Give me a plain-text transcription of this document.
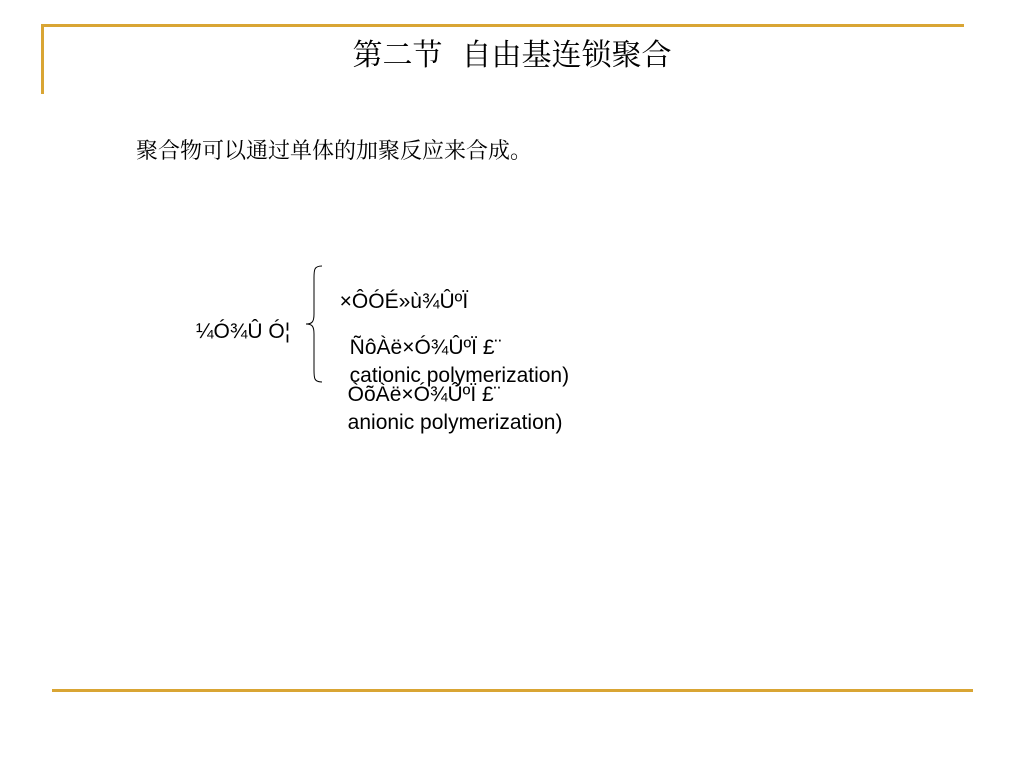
第二节  自由基连锁聚合
聚合物可以通过单体的加聚反应来合成。
¼Ó¾Û Ó¦

×ÔÓÉ»ù¾ÛºÏ

ÑôÀë×Ó¾ÛºÏ £¨
cationic polymerization)

ÒõÀë×Ó¾ÛºÏ £¨
anionic polymerization)
